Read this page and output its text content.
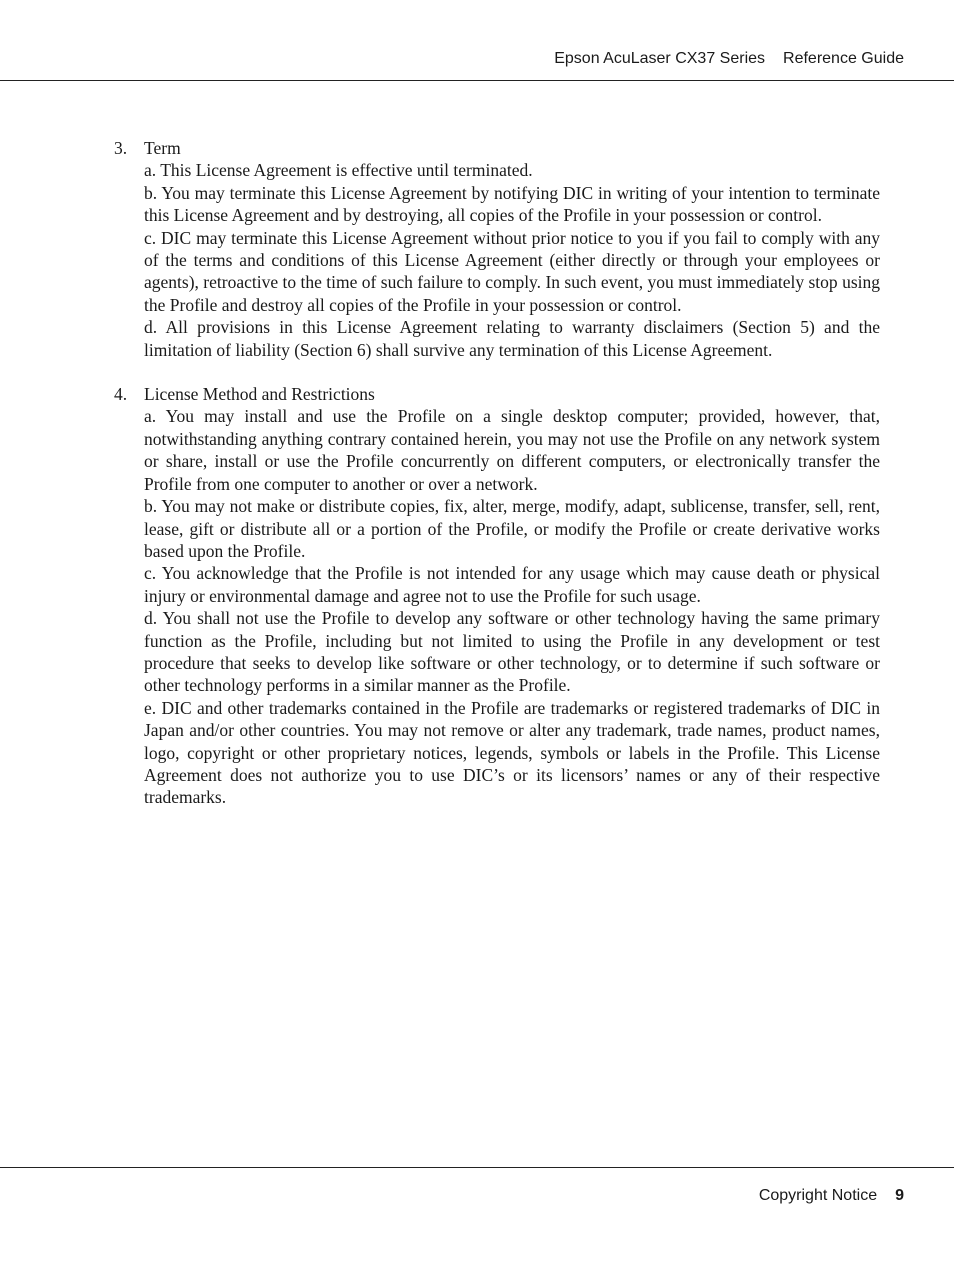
Epson AcuLaser CX37 Series Reference Guide
3. Term
a. This License Agreement is effective until terminated.
b. You may terminate this License Agreement by notifying DIC in writing of your intention to terminate this License Agreement and by destroying, all copies of the Profile in your possession or control.
c. DIC may terminate this License Agreement without prior notice to you if you fail to comply with any of the terms and conditions of this License Agreement (either directly or through your employees or agents), retroactive to the time of such failure to comply. In such event, you must immediately stop using the Profile and destroy all copies of the Profile in your possession or control.
d. All provisions in this License Agreement relating to warranty disclaimers (Section 5) and the limitation of liability (Section 6) shall survive any termination of this License Agreement.
4. License Method and Restrictions
a. You may install and use the Profile on a single desktop computer; provided, however, that, notwithstanding anything contrary contained herein, you may not use the Profile on any network system or share, install or use the Profile concurrently on different computers, or electronically transfer the Profile from one computer to another or over a network.
b. You may not make or distribute copies, fix, alter, merge, modify, adapt, sublicense, transfer, sell, rent, lease, gift or distribute all or a portion of the Profile, or modify the Profile or create derivative works based upon the Profile.
c. You acknowledge that the Profile is not intended for any usage which may cause death or physical injury or environmental damage and agree not to use the Profile for such usage.
d. You shall not use the Profile to develop any software or other technology having the same primary function as the Profile, including but not limited to using the Profile in any development or test procedure that seeks to develop like software or other technology, or to determine if such software or other technology performs in a similar manner as the Profile.
e. DIC and other trademarks contained in the Profile are trademarks or registered trademarks of DIC in Japan and/or other countries. You may not remove or alter any trademark, trade names, product names, logo, copyright or other proprietary notices, legends, symbols or labels in the Profile. This License Agreement does not authorize you to use DIC’s or its licensors’ names or any of their respective trademarks.
Copyright Notice 9
